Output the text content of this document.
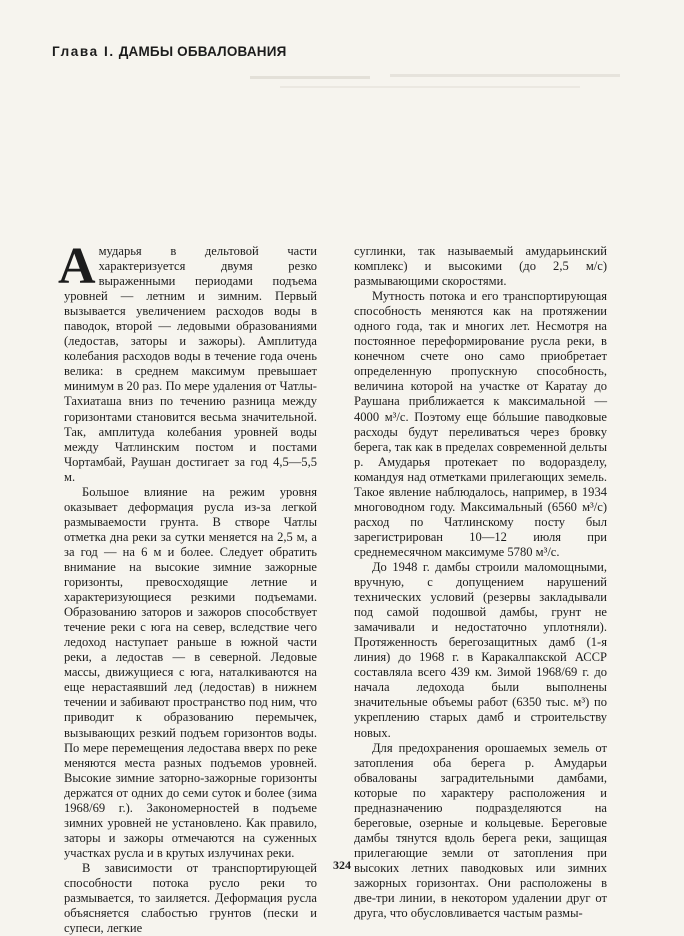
Глава I. ДАМБЫ ОБВАЛОВАНИЯ

Амударья в дельтовой части характеризуется двумя резко выраженными периодами подъема уровней — летним и зимним. Первый вызывается увеличением расходов воды в паводок, второй — ледовыми образованиями (ледостав, заторы и зажоры). Амплитуда колебания расходов воды в течение года очень велика: в среднем максимум превышает минимум в 20 раз. По мере удаления от Чатлы-Тахиаташа вниз по течению разница между горизонтами становится весьма значительной. Так, амплитуда колебания уровней воды между Чатлинским постом и постами Чортамбай, Раушан достигает за год 4,5—5,5 м.

Большое влияние на режим уровня оказывает деформация русла из-за легкой размываемости грунта. В створе Чатлы отметка дна реки за сутки меняется на 2,5 м, а за год — на 6 м и более. Следует обратить внимание на высокие зимние зажорные горизонты, превосходящие летние и характеризующиеся резкими подъемами. Образованию заторов и зажоров способствует течение реки с юга на север, вследствие чего ледоход наступает раньше в южной части реки, а ледостав — в северной. Ледовые массы, движущиеся с юга, наталкиваются на еще нерастаявший лед (ледостав) в нижнем течении и забивают пространство под ним, что приводит к образованию перемычек, вызывающих резкий подъем горизонтов воды. По мере перемещения ледостава вверх по реке меняются места разных подъемов уровней. Высокие зимние заторно-зажорные горизонты держатся от одних до семи суток и более (зима 1968/69 г.). Закономерностей в подъеме зимних уровней не установлено. Как правило, заторы и зажоры отмечаются на суженных участках русла и в крутых излучинах реки.

В зависимости от транспортирующей способности потока русло реки то размывается, то заиляется. Деформация русла объясняется слабостью грунтов (пески и супеси, легкие

суглинки, так называемый амударьинский комплекс) и высокими (до 2,5 м/с) размывающими скоростями.

Мутность потока и его транспортирующая способность меняются как на протяжении одного года, так и многих лет. Несмотря на постоянное переформирование русла реки, в конечном счете оно само приобретает определенную пропускную способность, величина которой на участке от Каратау до Раушана приближается к максимальной — 4000 м³/с. Поэтому еще бóльшие паводковые расходы будут переливаться через бровку берега, так как в пределах современной дельты р. Амударья протекает по водоразделу, командуя над отметками прилегающих земель. Такое явление наблюдалось, например, в 1934 многоводном году. Максимальный (6560 м³/с) расход по Чатлинскому посту был зарегистрирован 10—12 июля при среднемесячном максимуме 5780 м³/с.

До 1948 г. дамбы строили маломощными, вручную, с допущением нарушений технических условий (резервы закладывали под самой подошвой дамбы, грунт не замачивали и недостаточно уплотняли). Протяженность берегозащитных дамб (1-я линия) до 1968 г. в Каракалпакской АССР составляла всего 439 км. Зимой 1968/69 г. до начала ледохода были выполнены значительные объемы работ (6350 тыс. м³) по укреплению старых дамб и строительству новых.

Для предохранения орошаемых земель от затопления оба берега р. Амударьи обвалованы заградительными дамбами, которые по характеру расположения и предназначению подразделяются на береговые, озерные и кольцевые. Береговые дамбы тянутся вдоль берега реки, защищая прилегающие земли от затопления при высоких летних паводковых или зимних зажорных горизонтах. Они расположены в две-три линии, в некотором удалении друг от друга, что обусловливается частым размы-

324
